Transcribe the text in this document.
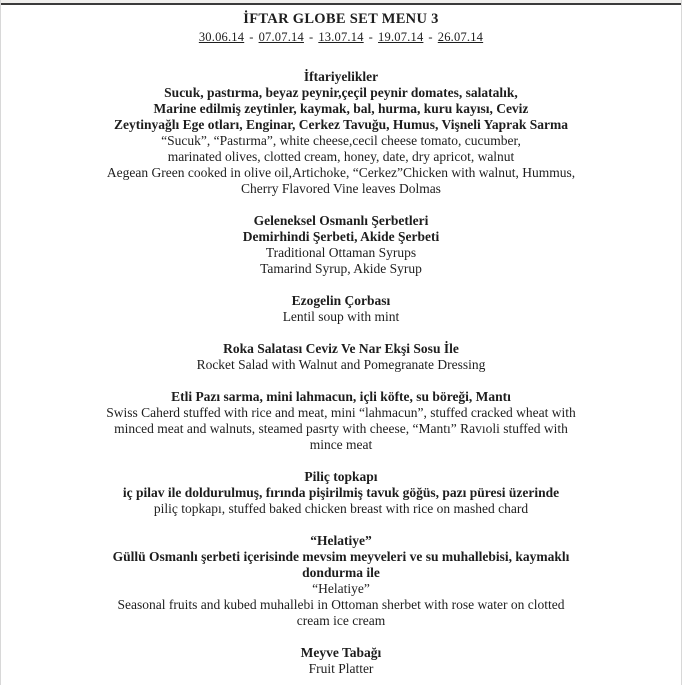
İFTAR GLOBE SET MENU 3
30.06.14 - 07.07.14 - 13.07.14 - 19.07.14 - 26.07.14
İftariyelikler
Sucuk, pastırma, beyaz peynir,çeçil peynir domates, salatalık,
Marine edilmiş zeytinler, kaymak, bal, hurma, kuru kayısı, Ceviz
Zeytinyağlı Ege otları, Enginar, Cerkez Tavuğu, Humus, Vişneli Yaprak Sarma
“Sucuk”, “Pastırma”, white cheese,cecil cheese tomato, cucumber,
marinated olives, clotted cream, honey, date, dry apricot, walnut
Aegean Green cooked in olive oil,Artichoke, “Cerkez”Chicken with walnut, Hummus,
Cherry Flavored Vine leaves Dolmas
Geleneksel Osmanlı Şerbetleri
Demirhindi Şerbeti, Akide Şerbeti
Traditional Ottaman Syrups
Tamarind Syrup, Akide Syrup
Ezogelin Çorbası
Lentil soup with mint
Roka Salatası Ceviz Ve Nar Ekşi Sosu İle
Rocket Salad with Walnut and Pomegranate Dressing
Etli Pazı sarma, mini lahmacun, içli köfte, su böreği, Mantı
Swiss Caherd stuffed with rice and meat, mini “lahmacun”, stuffed cracked wheat with
minced meat and walnuts, steamed pasrty with cheese, “Mantı” Ravıoli stuffed with
mince meat
Piliç topkapı
iç pilav ile doldurulmuş, fırında pişirilmiş tavuk göğüs, pazı püresi üzerinde
piliç topkapı, stuffed baked chicken breast with rice on mashed chard
“Helatiye”
Güllü Osmanlı şerbeti içerisinde mevsim meyveleri ve su muhallebisi, kaymaklı
dondurma ile
“Helatiye”
Seasonal fruits and kubed muhallebi in Ottoman sherbet with rose water on clotted
cream ice cream
Meyve Tabağı
Fruit Platter
